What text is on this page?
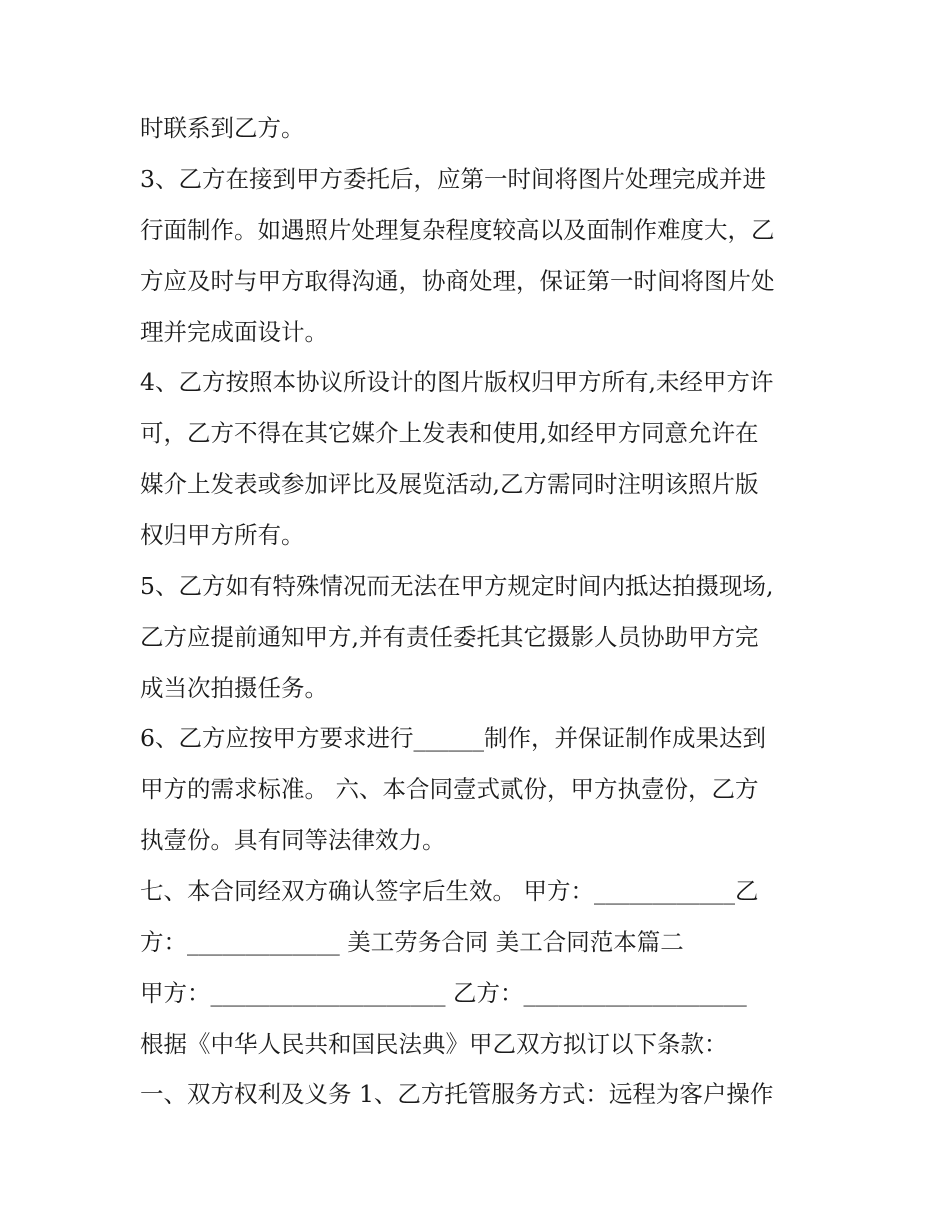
时联系到乙方。

3、乙方在接到甲方委托后，应第一时间将图片处理完成并进

行面制作。如遇照片处理复杂程度较高以及面制作难度大，乙

方应及时与甲方取得沟通，协商处理，保证第一时间将图片处

理并完成面设计。

4、乙方按照本协议所设计的图片版权归甲方所有,未经甲方许

可，乙方不得在其它媒介上发表和使用,如经甲方同意允许在

媒介上发表或参加评比及展览活动,乙方需同时注明该照片版

权归甲方所有。

5、乙方如有特殊情况而无法在甲方规定时间内抵达拍摄现场,

乙方应提前通知甲方,并有责任委托其它摄影人员协助甲方完

成当次拍摄任务。

6、乙方应按甲方要求进行______制作，并保证制作成果达到

甲方的需求标准。 六、本合同壹式贰份，甲方执壹份，乙方

执壹份。具有同等法律效力。

七、本合同经双方确认签字后生效。 甲方：____________乙

方：_____________ 美工劳务合同 美工合同范本篇二

甲方：____________________ 乙方：___________________

根据《中华人民共和国民法典》甲乙双方拟订以下条款：

一、双方权利及义务 1、乙方托管服务方式：远程为客户操作
